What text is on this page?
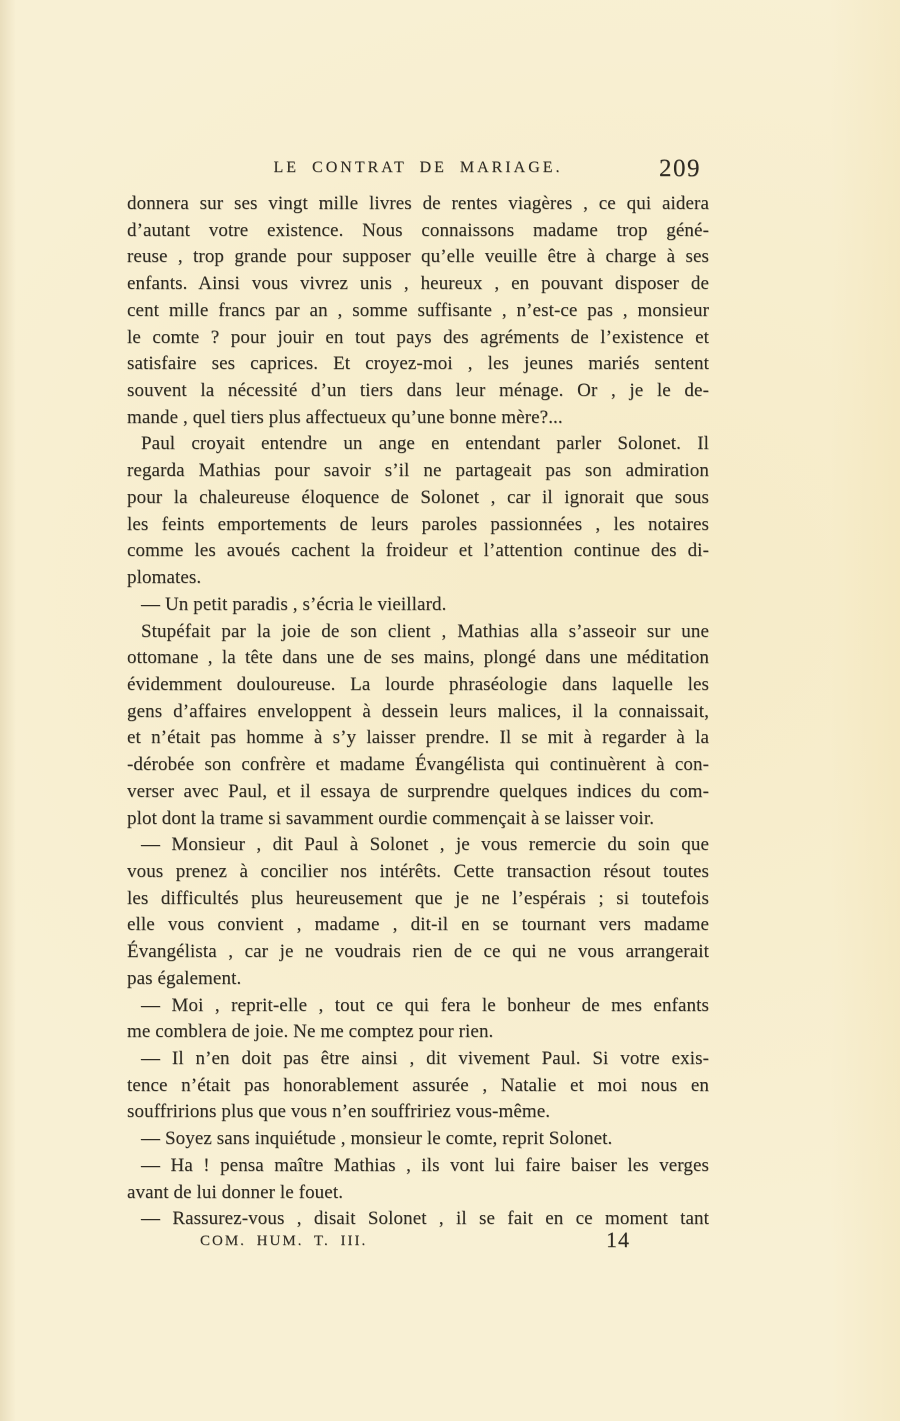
LE CONTRAT DE MARIAGE.	209
donnera sur ses vingt mille livres de rentes viagères , ce qui aidera
d’autant votre existence. Nous connaissons madame trop géné-
reuse , trop grande pour supposer qu’elle veuille être à charge à ses
enfants. Ainsi vous vivrez unis , heureux , en pouvant disposer de
cent mille francs par an , somme suffisante , n’est-ce pas , monsieur
le comte ? pour jouir en tout pays des agréments de l’existence et
satisfaire ses caprices. Et croyez-moi , les jeunes mariés sentent
souvent la nécessité d’un tiers dans leur ménage. Or , je le de-
mande , quel tiers plus affectueux qu’une bonne mère?...
Paul croyait entendre un ange en entendant parler Solonet. Il
regarda Mathias pour savoir s’il ne partageait pas son admiration
pour la chaleureuse éloquence de Solonet , car il ignorait que sous
les feints emportements de leurs paroles passionnées , les notaires
comme les avoués cachent la froideur et l’attention continue des di-
plomates.
— Un petit paradis , s’écria le vieillard.
Stupéfait par la joie de son client , Mathias alla s’asseoir sur une
ottomane , la tête dans une de ses mains, plongé dans une méditation
évidemment douloureuse. La lourde phraséologie dans laquelle les
gens d’affaires enveloppent à dessein leurs malices, il la connaissait,
et n’était pas homme à s’y laisser prendre. Il se mit à regarder à la
-dérobée son confrère et madame Évangélista qui continuèrent à con-
verser avec Paul, et il essaya de surprendre quelques indices du com-
plot dont la trame si savamment ourdie commençait à se laisser voir.
— Monsieur , dit Paul à Solonet , je vous remercie du soin que
vous prenez à concilier nos intérêts. Cette transaction résout toutes
les difficultés plus heureusement que je ne l’espérais ; si toutefois
elle vous convient , madame , dit-il en se tournant vers madame
Évangélista , car je ne voudrais rien de ce qui ne vous arrangerait
pas également.
— Moi , reprit-elle , tout ce qui fera le bonheur de mes enfants
me comblera de joie. Ne me comptez pour rien.
— Il n’en doit pas être ainsi , dit vivement Paul. Si votre exis-
tence n’était pas honorablement assurée , Natalie et moi nous en
souffririons plus que vous n’en souffririez vous-même.
— Soyez sans inquiétude , monsieur le comte, reprit Solonet.
— Ha ! pensa maître Mathias , ils vont lui faire baiser les verges
avant de lui donner le fouet.
— Rassurez-vous , disait Solonet , il se fait en ce moment tant
COM. HUM. T. III.	14
